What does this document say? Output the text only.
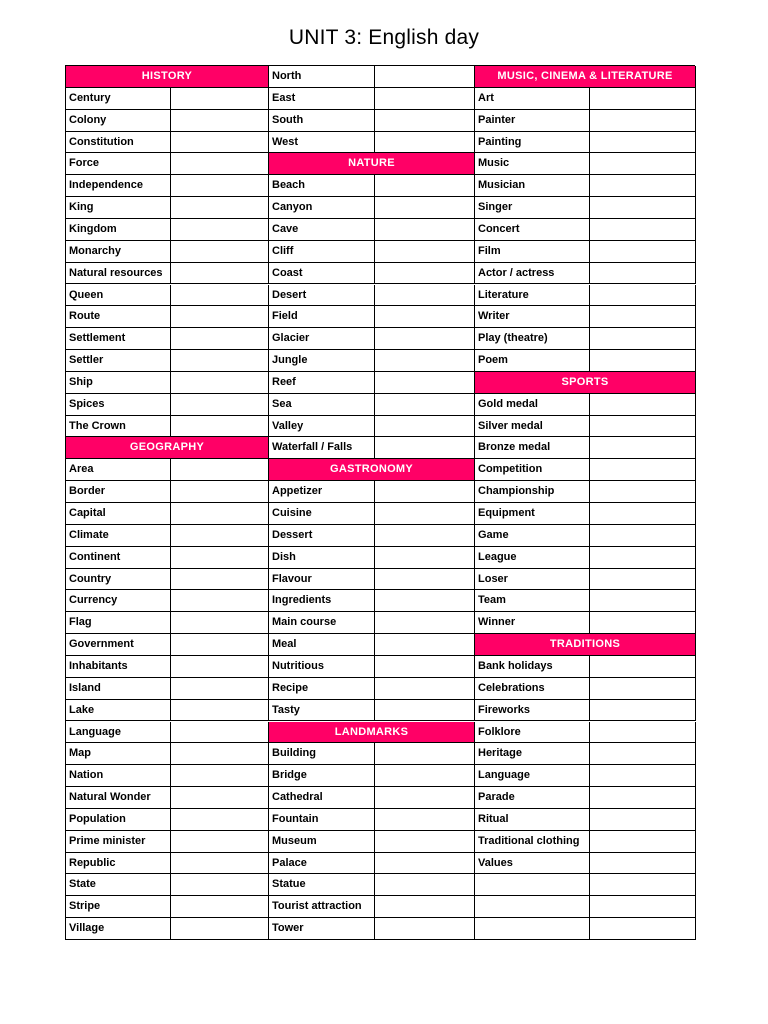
UNIT 3: English day
HISTORY
Century
Colony
Constitution
Force
Independence
King
Kingdom
Monarchy
Natural resources
Queen
Route
Settlement
Settler
Ship
Spices
The Crown
GEOGRAPHY
Area
Border
Capital
Climate
Continent
Country
Currency
Flag
Government
Inhabitants
Island
Lake
Language
Map
Nation
Natural Wonder
Population
Prime minister
Republic
State
Stripe
Village
North
East
South
West
NATURE
Beach
Canyon
Cave
Cliff
Coast
Desert
Field
Glacier
Jungle
Reef
Sea
Valley
Waterfall / Falls
GASTRONOMY
Appetizer
Cuisine
Dessert
Dish
Flavour
Ingredients
Main course
Meal
Nutritious
Recipe
Tasty
LANDMARKS
Building
Bridge
Cathedral
Fountain
Museum
Palace
Statue
Tourist attraction
Tower
MUSIC, CINEMA & LITERATURE
Art
Painter
Painting
Music
Musician
Singer
Concert
Film
Actor / actress
Literature
Writer
Play (theatre)
Poem
SPORTS
Gold medal
Silver medal
Bronze medal
Competition
Championship
Equipment
Game
League
Loser
Team
Winner
TRADITIONS
Bank holidays
Celebrations
Fireworks
Folklore
Heritage
Language
Parade
Ritual
Traditional clothing
Values
